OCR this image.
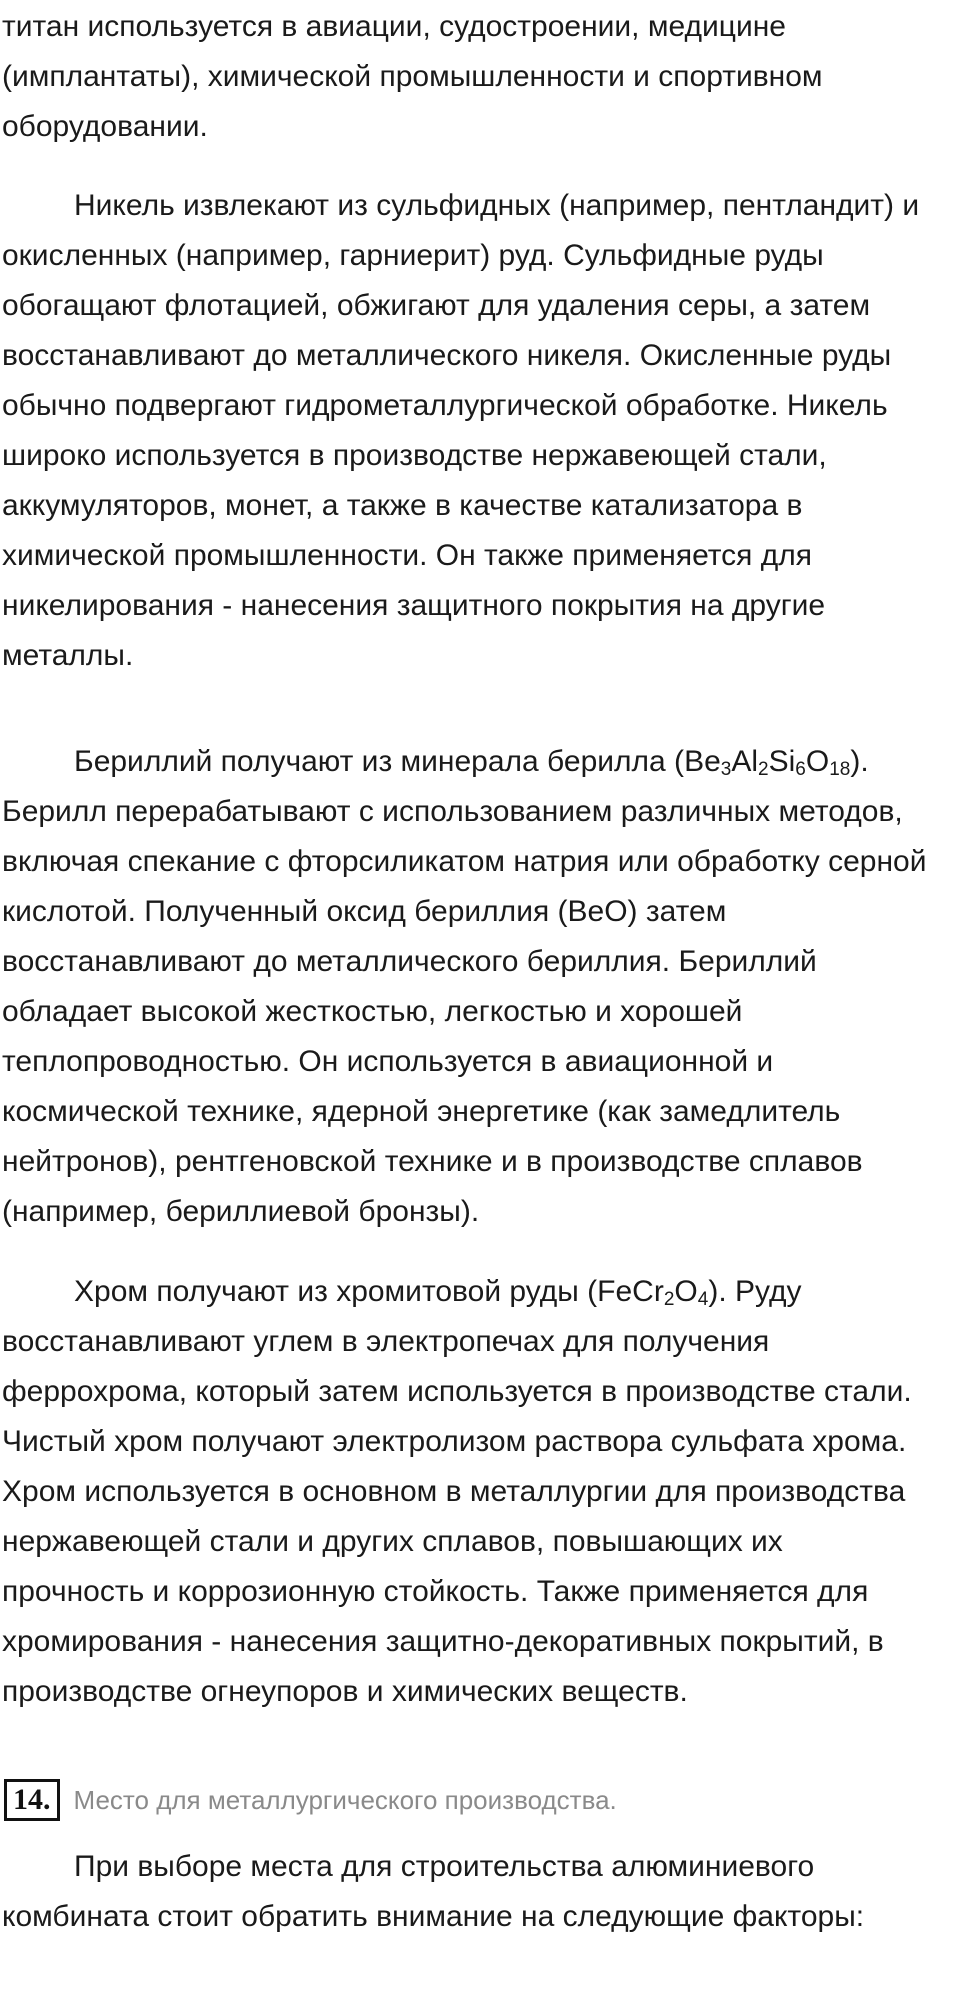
титан используется в авиации, судостроении, медицине (имплантаты), химической промышленности и спортивном оборудовании.

Никель извлекают из сульфидных (например, пентландит) и окисленных (например, гарниерит) руд. Сульфидные руды обогащают флотацией, обжигают для удаления серы, а затем восстанавливают до металлического никеля. Окисленные руды обычно подвергают гидрометаллургической обработке. Никель широко используется в производстве нержавеющей стали, аккумуляторов, монет, а также в качестве катализатора в химической промышленности. Он также применяется для никелирования - нанесения защитного покрытия на другие металлы.

Бериллий получают из минерала берилла $(Be_3Al_2Si_6O_{18})$. Берилл перерабатывают с использованием различных методов, включая спекание с фторсиликатом натрия или обработку серной кислотой. Полученный оксид бериллия (BeO) затем восстанавливают до металлического бериллия. Бериллий обладает высокой жесткостью, легкостью и хорошей теплопроводностью. Он используется в авиационной и космической технике, ядерной энергетике (как замедлитель нейтронов), рентгеновской технике и в производстве сплавов (например, бериллиевой бронзы).

Хром получают из хромитовой руды $(FeCr_2O_4)$. Руду восстанавливают углем в электропечах для получения феррохрома, который затем используется в производстве стали. Чистый хром получают электролизом раствора сульфата хрома. Хром используется в основном в металлургии для производства нержавеющей стали и других сплавов, повышающих их прочность и коррозионную стойкость. Также применяется для хромирования - нанесения защитно-декоративных покрытий, в производстве огнеупоров и химических веществ.

14. Место для металлургического производства.

При выборе места для строительства алюминиевого комбината стоит обратить внимание на следующие факторы:
